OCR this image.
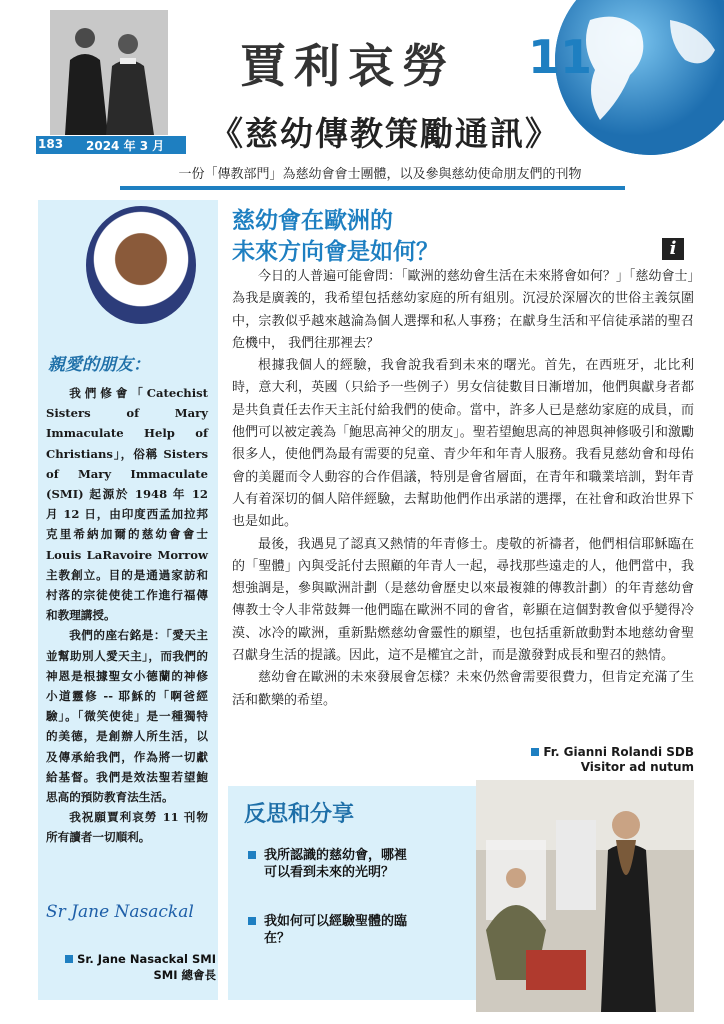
183 2024 年 3 月
賈利哀勞 11
《慈幼傳教策勵通訊》
一份「傳教部門」為慈幼會會士團體，以及參與慈幼使命朋友們的刊物
親愛的朋友：

我們修會「Catechist Sisters of Mary Immaculate Help of Christians」，俗稱 Sisters of Mary Immaculate (SMI) 起源於 1948 年 12 月 12 日，由印度西孟加拉邦克里希納加爾的慈幼會會士 Louis LaRavoire Morrow 主教創立。目的是通過家訪和村落的宗徒使徒工作進行福傳和教理講授。

我們的座右銘是：「愛天主並幫助別人愛天主」，而我們的神恩是根據聖女小德蘭的神修小道靈修 -- 耶穌的「啊爸經驗」。「微笑使徒」是一種獨特的美德，是創辦人所生活，以及傳承給我們，作為將一切獻給基督。我們是效法聖若望鮑思高的預防教育法生活。

我祝願賈利哀勞 11 刊物所有讀者一切順利。

Sr Jane Nasackal
Sr. Jane Nasackal SMI
SMI 總會長
慈幼會在歐洲的
未來方向會是如何？	i

今日的人普遍可能會問：「歐洲的慈幼會生活在未來將會如何？」「慈幼會士」為我是廣義的，我希望包括慈幼家庭的所有組別。沉浸於深層次的世俗主義氛圍中，宗教似乎越來越淪為個人選擇和私人事務；在獻身生活和平信徒承諾的聖召危機中， 我們往那裡去？

根據我個人的經驗，我會說我看到未來的曙光。首先，在西班牙，北比利時，意大利，英國（只給予一些例子）男女信徒數目日漸增加，他們與獻身者都是共負責任去作天主託付給我們的使命。當中，許多人已是慈幼家庭的成員，而他們可以被定義為「鮑思高神父的朋友」。聖若望鮑思高的神恩與神修吸引和激勵很多人，使他們為最有需要的兒童、青少年和年青人服務。我看見慈幼會和母佑會的美麗而令人動容的合作倡議，特別是會省層面，在青年和職業培訓，對年青人有着深切的個人陪伴經驗，去幫助他們作出承諾的選擇，在社會和政治世界下也是如此。

最後，我遇見了認真又熱情的年青修士。虔敬的祈禱者，他們相信耶穌臨在的「聖體」內與受託付去照顧的年青人一起，尋找那些遠走的人，他們當中，我想強調是，參與歐洲計劃（是慈幼會歷史以來最複雜的傳教計劃）的年青慈幼會傳教士令人非常鼓舞一他們臨在歐洲不同的會省，彰顯在這個對教會似乎變得冷漠、冰冷的歐洲，重新點燃慈幼會靈性的願望，也包括重新啟動對本地慈幼會聖召獻身生活的提議。因此，這不是權宜之計，而是激發對成長和聖召的熱情。

慈幼會在歐洲的未來發展會怎樣？未來仍然會需要很費力，但肯定充滿了生活和歡樂的希望。

Fr. Gianni Rolandi SDB
Visitor ad nutum
反思和分享
我所認識的慈幼會，哪裡可以看到未來的光明？
我如何可以經驗聖體的臨在？
